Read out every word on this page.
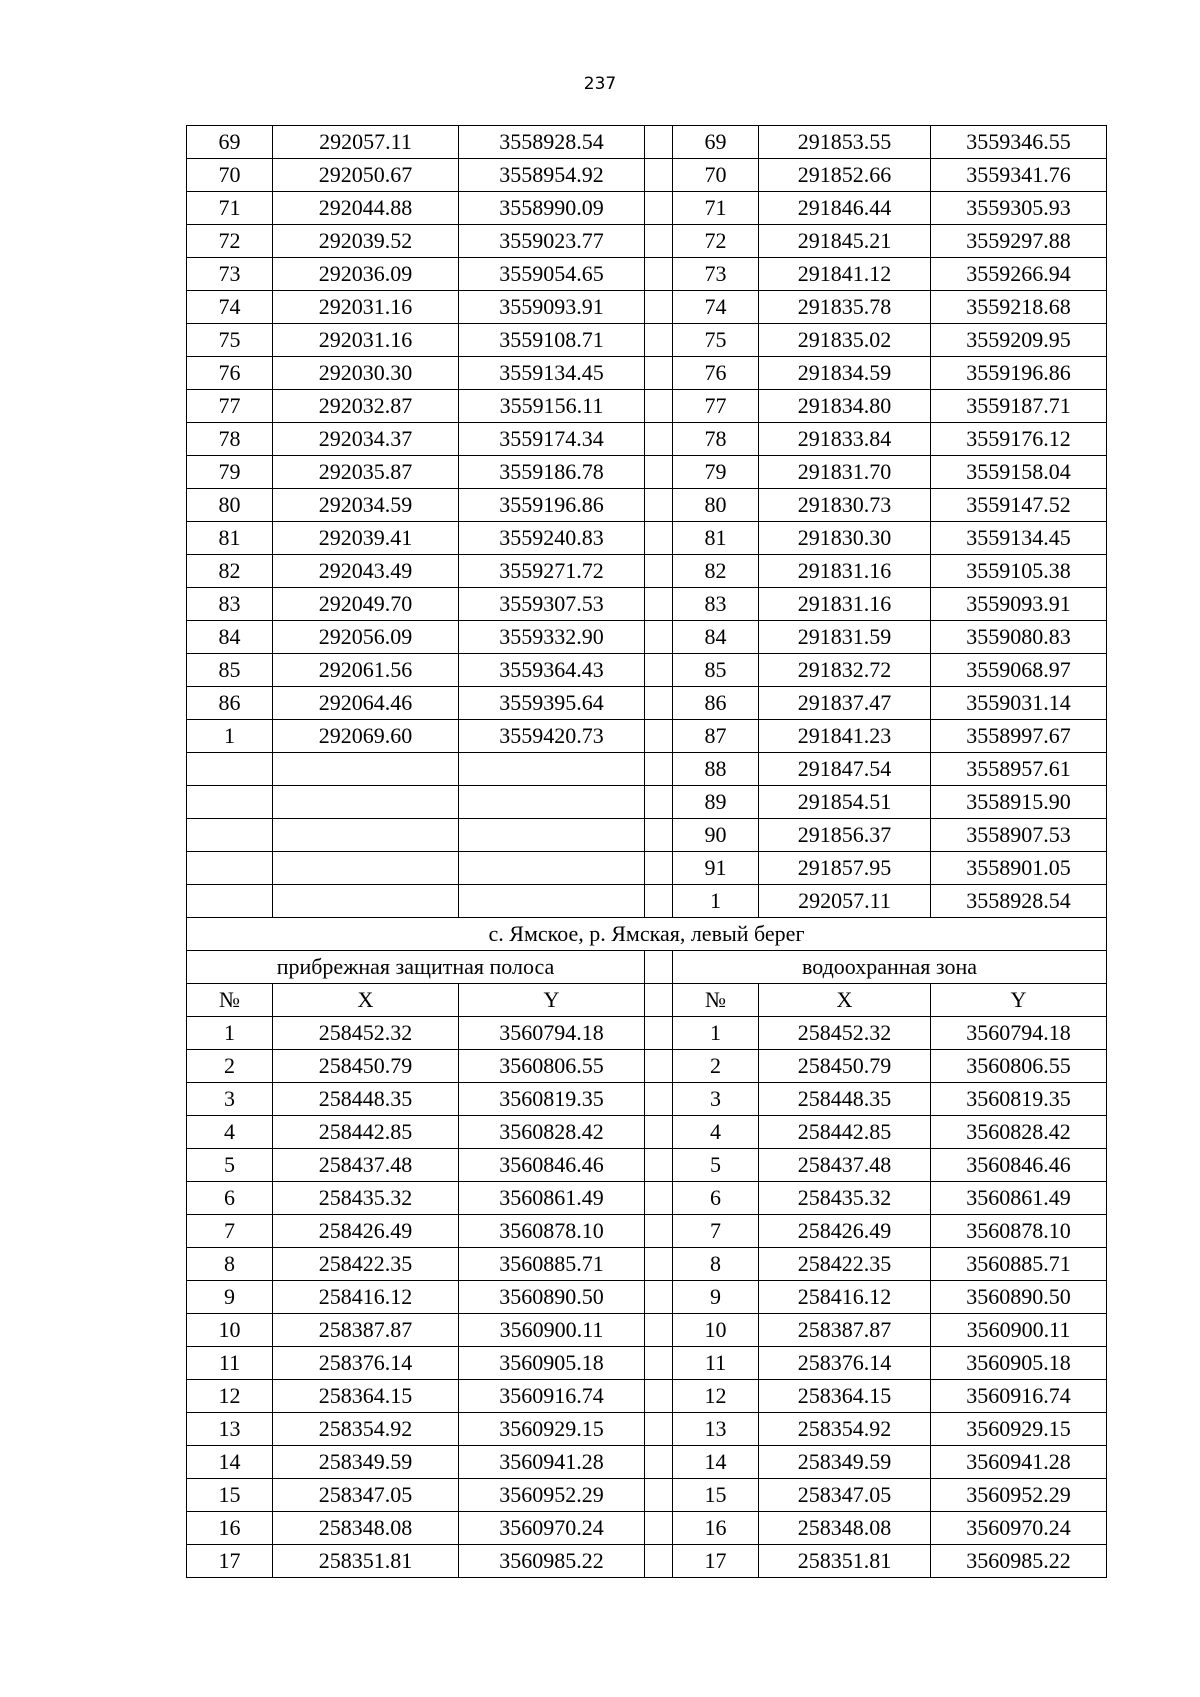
237
69	292057.11	3558928.54		69	291853.55	3559346.55
70	292050.67	3558954.92		70	291852.66	3559341.76
71	292044.88	3558990.09		71	291846.44	3559305.93
72	292039.52	3559023.77		72	291845.21	3559297.88
73	292036.09	3559054.65		73	291841.12	3559266.94
74	292031.16	3559093.91		74	291835.78	3559218.68
75	292031.16	3559108.71		75	291835.02	3559209.95
76	292030.30	3559134.45		76	291834.59	3559196.86
77	292032.87	3559156.11		77	291834.80	3559187.71
78	292034.37	3559174.34		78	291833.84	3559176.12
79	292035.87	3559186.78		79	291831.70	3559158.04
80	292034.59	3559196.86		80	291830.73	3559147.52
81	292039.41	3559240.83		81	291830.30	3559134.45
82	292043.49	3559271.72		82	291831.16	3559105.38
83	292049.70	3559307.53		83	291831.16	3559093.91
84	292056.09	3559332.90		84	291831.59	3559080.83
85	292061.56	3559364.43		85	291832.72	3559068.97
86	292064.46	3559395.64		86	291837.47	3559031.14
1	292069.60	3559420.73		87	291841.23	3558997.67
				88	291847.54	3558957.61
				89	291854.51	3558915.90
				90	291856.37	3558907.53
				91	291857.95	3558901.05
				1	292057.11	3558928.54
с. Ямское, р. Ямская, левый берег						
прибрежная защитная полоса				водоохранная зона		
№	X	Y		№	X	Y
1	258452.32	3560794.18		1	258452.32	3560794.18
2	258450.79	3560806.55		2	258450.79	3560806.55
3	258448.35	3560819.35		3	258448.35	3560819.35
4	258442.85	3560828.42		4	258442.85	3560828.42
5	258437.48	3560846.46		5	258437.48	3560846.46
6	258435.32	3560861.49		6	258435.32	3560861.49
7	258426.49	3560878.10		7	258426.49	3560878.10
8	258422.35	3560885.71		8	258422.35	3560885.71
9	258416.12	3560890.50		9	258416.12	3560890.50
10	258387.87	3560900.11		10	258387.87	3560900.11
11	258376.14	3560905.18		11	258376.14	3560905.18
12	258364.15	3560916.74		12	258364.15	3560916.74
13	258354.92	3560929.15		13	258354.92	3560929.15
14	258349.59	3560941.28		14	258349.59	3560941.28
15	258347.05	3560952.29		15	258347.05	3560952.29
16	258348.08	3560970.24		16	258348.08	3560970.24
17	258351.81	3560985.22		17	258351.81	3560985.22
